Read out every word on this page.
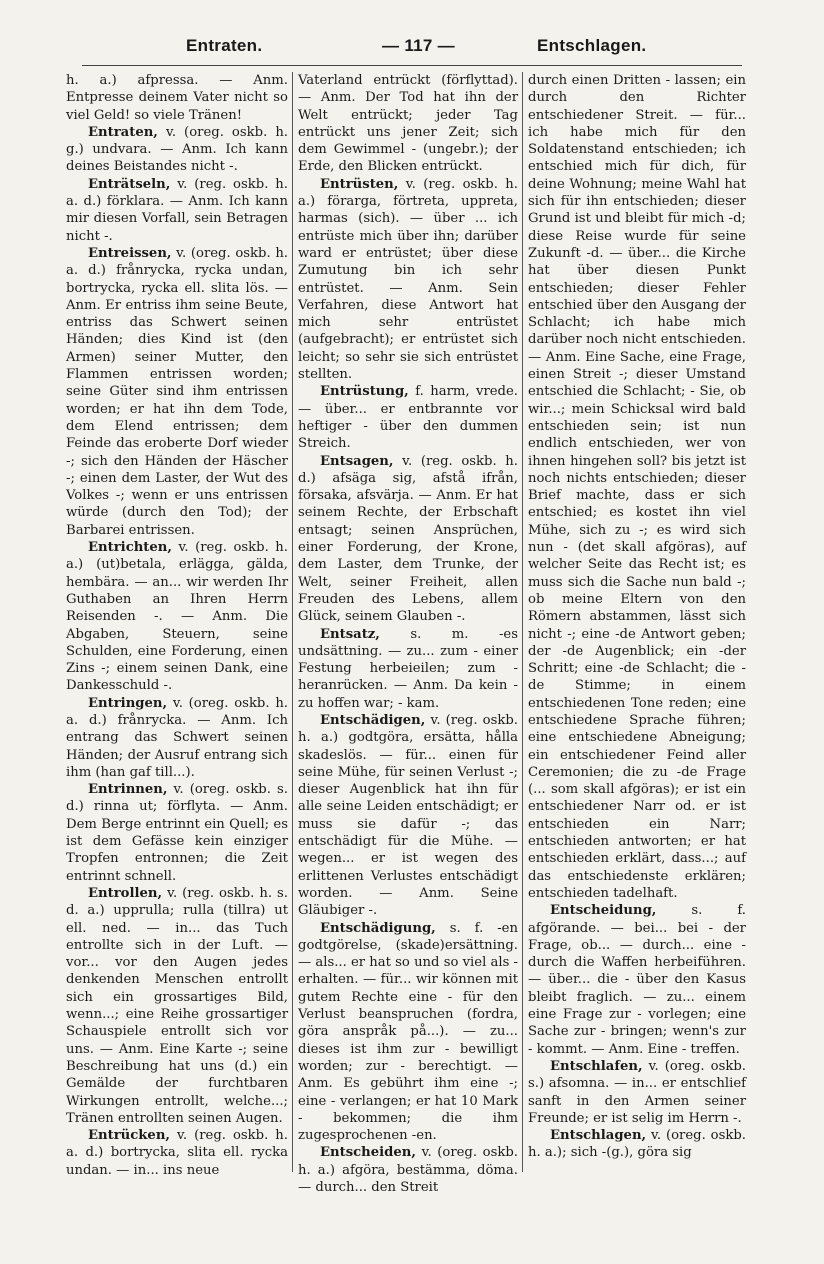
Entraten.	— 117 —	Entschlagen.

h. a.) afpressa. — Anm. Entpresse deinem Vater nicht so viel Geld! so viele Tränen!

Entraten, v. (oreg. oskb. h. g.) undvara. — Anm. Ich kann deines Beistandes nicht -.

Enträtseln, v. (reg. oskb. h. a. d.) förklara. — Anm. Ich kann mir diesen Vorfall, sein Betragen nicht -.

Entreissen, v. (oreg. oskb. h. a. d.) frånrycka, rycka undan, bortrycka, rycka ell. slita lös. — Anm. Er entriss ihm seine Beute, entriss das Schwert seinen Händen; dies Kind ist (den Armen) seiner Mutter, den Flammen entrissen worden; seine Güter sind ihm entrissen worden; er hat ihn dem Tode, dem Elend entrissen; dem Feinde das eroberte Dorf wieder -; sich den Händen der Häscher -; einen dem Laster, der Wut des Volkes -; wenn er uns entrissen würde (durch den Tod); der Barbarei entrissen.

Entrichten, v. (reg. oskb. h. a.) (ut)betala, erlägga, gälda, hembära. — an... wir werden Ihr Guthaben an Ihren Herrn Reisenden -. — Anm. Die Abgaben, Steuern, seine Schulden, eine Forderung, einen Zins -; einem seinen Dank, eine Dankesschuld -.

Entringen, v. (oreg. oskb. h. a. d.) frånrycka. — Anm. Ich entrang das Schwert seinen Händen; der Ausruf entrang sich ihm (han gaf till...).

Entrinnen, v. (oreg. oskb. s. d.) rinna ut; förflyta. — Anm. Dem Berge entrinnt ein Quell; es ist dem Gefässe kein einziger Tropfen entronnen; die Zeit entrinnt schnell.

Entrollen, v. (reg. oskb. h. s. d. a.) upprulla; rulla (tillra) ut ell. ned. — in... das Tuch entrollte sich in der Luft. — vor... vor den Augen jedes denkenden Menschen entrollt sich ein grossartiges Bild, wenn...; eine Reihe grossartiger Schauspiele entrollt sich vor uns. — Anm. Eine Karte -; seine Beschreibung hat uns (d.) ein Gemälde der furchtbaren Wirkungen entrollt, welche...; Tränen entrollten seinen Augen.

Entrücken, v. (reg. oskb. h. a. d.) bortrycka, slita ell. rycka undan. — in... ins neue

Vaterland entrückt (förflyttad). — Anm. Der Tod hat ihn der Welt entrückt; jeder Tag entrückt uns jener Zeit; sich dem Gewimmel - (ungebr.); der Erde, den Blicken entrückt.

Entrüsten, v. (reg. oskb. h. a.) förargа, förtreta, uppreta, harmas (sich). — über ... ich entrüste mich über ihn; darüber ward er entrüstet; über diese Zumutung bin ich sehr entrüstet. — Anm. Sein Verfahren, diese Antwort hat mich sehr entrüstet (aufgebracht); er entrüstet sich leicht; so sehr sie sich entrüstet stellten.

Entrüstung, f. harm, vrede. — über... er entbrannte vor heftiger - über den dummen Streich.

Entsagen, v. (reg. oskb. h. d.) afsäga sig, afstå ifrån, försaka, afsvärja. — Anm. Er hat seinem Rechte, der Erbschaft entsagt; seinen Ansprüchen, einer Forderung, der Krone, dem Laster, dem Trunke, der Welt, seiner Freiheit, allen Freuden des Lebens, allem Glück, seinem Glauben -.

Entsatz, s. m. -es undsättning. — zu... zum - einer Festung herbeieilen; zum - heranrücken. — Anm. Da kein - zu hoffen war; - kam.

Entschädigen, v. (reg. oskb. h. a.) godtgöra, ersätta, hålla skadeslös. — für... einen für seine Mühe, für seinen Verlust -; dieser Augenblick hat ihn für alle seine Leiden entschädigt; er muss sie dafür -; das entschädigt für die Mühe. — wegen... er ist wegen des erlittenen Verlustes entschädigt worden. — Anm. Seine Gläubiger -.

Entschädigung, s. f. -en godtgörelse, (skade)ersättning. — als... er hat so und so viel als - erhalten. — für... wir können mit gutem Rechte eine - für den Verlust beanspruchen (fordra, göra anspråk på...). — zu... dieses ist ihm zur - bewilligt worden; zur - berechtigt. — Anm. Es gebührt ihm eine -; eine - verlangen; er hat 10 Mark - bekommen; die ihm zugesprochenen -en.

Entscheiden, v. (oreg. oskb. h. a.) afgöra, bestämma, döma. — durch... den Streit

durch einen Dritten - lassen; ein durch den Richter entschiedener Streit. — für... ich habe mich für den Soldatenstand entschieden; ich entschied mich für dich, für deine Wohnung; meine Wahl hat sich für ihn entschieden; dieser Grund ist und bleibt für mich -d; diese Reise wurde für seine Zukunft -d. — über... die Kirche hat über diesen Punkt entschieden; dieser Fehler entschied über den Ausgang der Schlacht; ich habe mich darüber noch nicht entschieden. — Anm. Eine Sache, eine Frage, einen Streit -; dieser Umstand entschied die Schlacht; - Sie, ob wir...; mein Schicksal wird bald entschieden sein; ist nun endlich entschieden, wer von ihnen hingehen soll? bis jetzt ist noch nichts entschieden; dieser Brief machte, dass er sich entschied; es kostet ihn viel Mühe, sich zu -; es wird sich nun - (det skall afgöras), auf welcher Seite das Recht ist; es muss sich die Sache nun bald -; ob meine Eltern von den Römern abstammen, lässt sich nicht -; eine -de Antwort geben; der -de Augenblick; ein -der Schritt; eine -de Schlacht; die -de Stimme; in einem entschiedenen Tone reden; eine entschiedene Sprache führen; eine entschiedene Abneigung; ein entschiedener Feind aller Ceremonien; die zu -de Frage (... som skall afgöras); er ist ein entschiedener Narr od. er ist entschieden ein Narr; entschieden antworten; er hat entschieden erklärt, dass...; auf das entschiedenste erklären; entschieden tadelhaft.

Entscheidung, s. f. afgörande. — bei... bei - der Frage, ob... — durch... eine - durch die Waffen herbeiführen. — über... die - über den Kasus bleibt fraglich. — zu... einem eine Frage zur - vorlegen; eine Sache zur - bringen; wenn's zur - kommt. — Anm. Eine - treffen.

Entschlafen, v. (oreg. oskb. s.) afsomna. — in... er entschlief sanft in den Armen seiner Freunde; er ist selig im Herrn -.

Entschlagen, v. (oreg. oskb. h. a.); sich -(g.), göra sig
